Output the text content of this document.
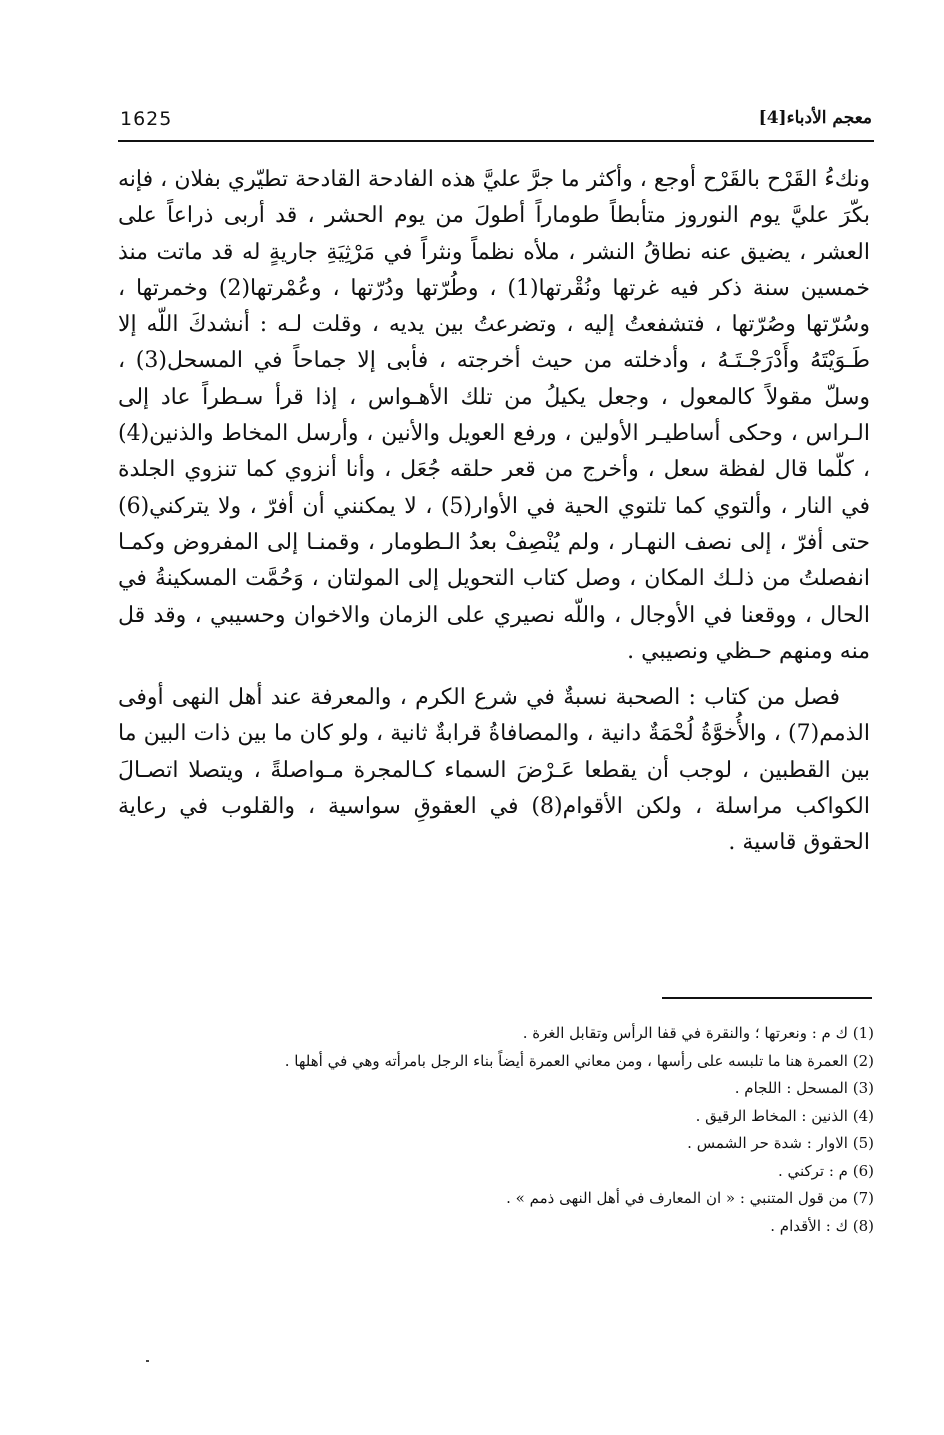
1625	معجم الأدباء[4]

ونكءُ القَرْح بالقَرْح أوجع ، وأكثر ما جرَّ عليَّ هذه الفادحة القادحة تطيّري بفلان ، فإنه بكّرَ عليَّ يوم النوروز متأبطاً طوماراً أطولَ من يوم الحشر ، قد أربى ذراعاً على العشر ، يضيق عنه نطاقُ النشر ، ملأه نظماً ونثراً في مَرْثِيَةِ جاريةٍ له قد ماتت منذ خمسين سنة ذكر فيه غرتها ونُقْرتها(1) ، وطُرّتها ودُرّتها ، وعُمْرتها(2) وخمرتها ، وسُرّتها وصُرّتها ، فتشفعتُ إليه ، وتضرعتُ بين يديه ، وقلت لـه : أنشدكَ اللّه إلا طَـوَيْتَهُ وأَدْرَجْـتَـهُ ، وأدخلته من حيث أخرجته ، فأبى إلا جماحاً في المسحل(3) ، وسلّ مقولاً كالمعول ، وجعل يكيلُ من تلك الأهـواس ، إذا قرأ سـطراً عاد إلى الـراس ، وحكى أساطيـر الأولين ، ورفع العويل والأنين ، وأرسل المخاط والذنين(4) ، كلّما قال لفظة سعل ، وأخرج من قعر حلقه جُعَل ، وأنا أنزوي كما تنزوي الجلدة في النار ، وألتوي كما تلتوي الحية في الأوار(5) ، لا يمكنني أن أفرّ ، ولا يتركني(6) حتى أفرّ ، إلى نصف النهـار ، ولم يُنْصِفْ بعدُ الـطومار ، وقمنـا إلى المفروض وكمـا انفصلتُ من ذلـك المكان ، وصل كتاب التحويل إلى المولتان ، وَحُمَّت المسكينةُ في الحال ، ووقعنا في الأوجال ، واللّه نصيري على الزمان والاخوان وحسيبي ، وقد قل منه ومنهم حـظي ونصيبي .

فصل من كتاب : الصحبة نسبةٌ في شرع الكرم ، والمعرفة عند أهل النهى أوفى الذمم(7) ، والأُخوَّةُ لُحْمَةٌ دانية ، والمصافاةُ قرابةٌ ثانية ، ولو كان ما بين ذات البين ما بين القطبين ، لوجب أن يقطعا عَـرْضَ السماء كـالمجرة مـواصلةً ، ويتصلا اتصـالَ الكواكب مراسلة ، ولكن الأقوام(8) في العقوقِ سواسية ، والقلوب في رعاية الحقوق قاسية .

(1) ك م : ونعرتها ؛ والنقرة في قفا الرأس وتقابل الغرة .
(2) العمرة هنا ما تلبسه على رأسها ، ومن معاني العمرة أيضاً بناء الرجل بامرأته وهي في أهلها .
(3) المسحل : اللجام .
(4) الذنين : المخاط الرقيق .
(5) الاوار : شدة حر الشمس .
(6) م : تركني .
(7) من قول المتنبي : « ان المعارف في أهل النهى ذمم » .
(8) ك : الأقدام .
